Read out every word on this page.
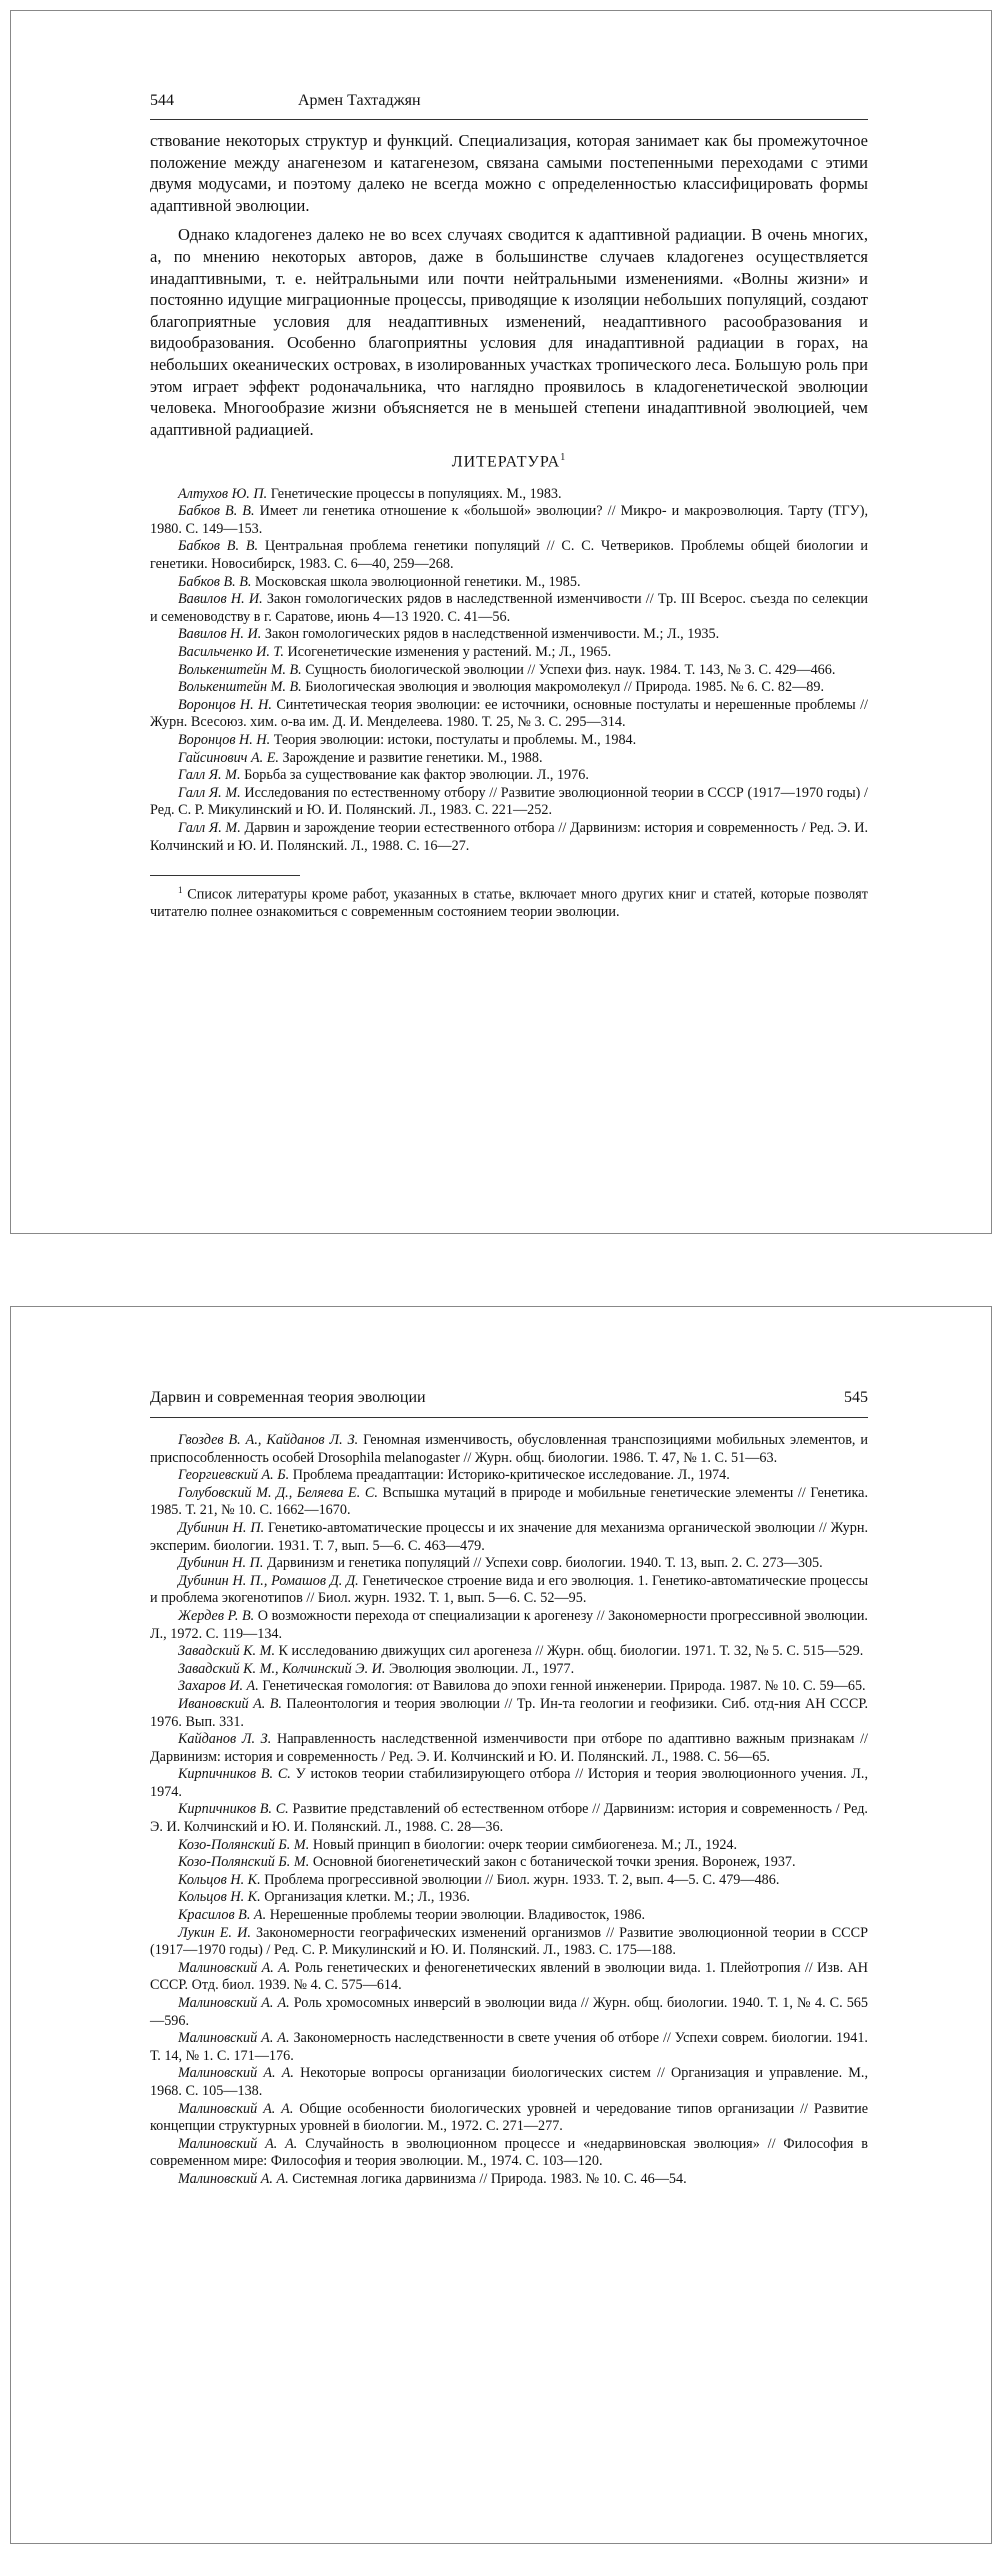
544	Армен Тахтаджян

ствование некоторых структур и функций. Специализация, которая занимает как бы промежуточное положение между анагенезом и катагенезом, связана самыми постепенными переходами с этими двумя модусами, и поэтому далеко не всегда можно с определенностью классифицировать формы адаптивной эволюции.

Однако кладогенез далеко не во всех случаях сводится к адаптивной радиации. В очень многих, а, по мнению некоторых авторов, даже в большинстве случаев кладогенез осуществляется инадаптивными, т. е. нейтральными или почти нейтральными изменениями. «Волны жизни» и постоянно идущие миграционные процессы, приводящие к изоляции небольших популяций, создают благоприятные условия для неадаптивных изменений, неадаптивного расообразования и видообразования. Особенно благоприятны условия для инадаптивной радиации в горах, на небольших океанических островах, в изолированных участках тропического леса. Большую роль при этом играет эффект родоначальника, что наглядно проявилось в кладогенетической эволюции человека. Многообразие жизни объясняется не в меньшей степени инадаптивной эволюцией, чем адаптивной радиацией.

ЛИТЕРАТУРА$^1$

Алтухов Ю. П. Генетические процессы в популяциях. М., 1983.

Бабков В. В. Имеет ли генетика отношение к «большой» эволюции? // Микро- и макроэволюция. Тарту (ТГУ), 1980. С. 149—153.

Бабков В. В. Центральная проблема генетики популяций // С. С. Четвериков. Проблемы общей биологии и генетики. Новосибирск, 1983. С. 6—40, 259—268.

Бабков В. В. Московская школа эволюционной генетики. М., 1985.

Вавилов Н. И. Закон гомологических рядов в наследственной изменчивости // Тр. III Всерос. съезда по селекции и семеноводству в г. Саратове, июнь 4—13 1920. С. 41—56.

Вавилов Н. И. Закон гомологических рядов в наследственной изменчивости. М.; Л., 1935.

Васильченко И. Т. Исогенетические изменения у растений. М.; Л., 1965.

Волькенштейн М. В. Сущность биологической эволюции // Успехи физ. наук. 1984. Т. 143, № 3. С. 429—466.

Волькенштейн М. В. Биологическая эволюция и эволюция макромолекул // Природа. 1985. № 6. С. 82—89.

Воронцов Н. Н. Синтетическая теория эволюции: ее источники, основные постулаты и нерешенные проблемы // Журн. Всесоюз. хим. о-ва им. Д. И. Менделеева. 1980. Т. 25, № 3. С. 295—314.

Воронцов Н. Н. Теория эволюции: истоки, постулаты и проблемы. М., 1984.

Гайсинович А. Е. Зарождение и развитие генетики. М., 1988.

Галл Я. М. Борьба за существование как фактор эволюции. Л., 1976.

Галл Я. М. Исследования по естественному отбору // Развитие эволюционной теории в СССР (1917—1970 годы) / Ред. С. Р. Микулинский и Ю. И. Полянский. Л., 1983. С. 221—252.

Галл Я. М. Дарвин и зарождение теории естественного отбора // Дарвинизм: история и современность / Ред. Э. И. Колчинский и Ю. И. Полянский. Л., 1988. С. 16—27.

$^1$ Список литературы кроме работ, указанных в статье, включает много других книг и статей, которые позволят читателю полнее ознакомиться с современным состоянием теории эволюции.

Дарвин и современная теория эволюции	545

Гвоздев В. А., Кайданов Л. З. Геномная изменчивость, обусловленная транспозициями мобильных элементов, и приспособленность особей Drosophila melanogaster // Журн. общ. биологии. 1986. Т. 47, № 1. С. 51—63.

Георгиевский А. Б. Проблема преадаптации: Историко-критическое исследование. Л., 1974.

Голубовский М. Д., Беляева Е. С. Вспышка мутаций в природе и мобильные генетические элементы // Генетика. 1985. Т. 21, № 10. С. 1662—1670.

Дубинин Н. П. Генетико-автоматические процессы и их значение для механизма органической эволюции // Журн. эксперим. биологии. 1931. Т. 7, вып. 5—6. С. 463—479.

Дубинин Н. П. Дарвинизм и генетика популяций // Успехи совр. биологии. 1940. Т. 13, вып. 2. С. 273—305.

Дубинин Н. П., Ромашов Д. Д. Генетическое строение вида и его эволюция. 1. Генетико-автоматические процессы и проблема экогенотипов // Биол. журн. 1932. Т. 1, вып. 5—6. С. 52—95.

Жердев Р. В. О возможности перехода от специализации к арогенезу // Закономерности прогрессивной эволюции. Л., 1972. С. 119—134.

Завадский К. М. К исследованию движущих сил арогенеза // Журн. общ. биологии. 1971. Т. 32, № 5. С. 515—529.

Завадский К. М., Колчинский Э. И. Эволюция эволюции. Л., 1977.

Захаров И. А. Генетическая гомология: от Вавилова до эпохи генной инженерии. Природа. 1987. № 10. С. 59—65.

Ивановский А. В. Палеонтология и теория эволюции // Тр. Ин-та геологии и геофизики. Сиб. отд-ния АН СССР. 1976. Вып. 331.

Кайданов Л. З. Направленность наследственной изменчивости при отборе по адаптивно важным признакам // Дарвинизм: история и современность / Ред. Э. И. Колчинский и Ю. И. Полянский. Л., 1988. С. 56—65.

Кирпичников В. С. У истоков теории стабилизирующего отбора // История и теория эволюционного учения. Л., 1974.

Кирпичников В. С. Развитие представлений об естественном отборе // Дарвинизм: история и современность / Ред. Э. И. Колчинский и Ю. И. Полянский. Л., 1988. С. 28—36.

Козо-Полянский Б. М. Новый принцип в биологии: очерк теории симбиогенеза. М.; Л., 1924.

Козо-Полянский Б. М. Основной биогенетический закон с ботанической точки зрения. Воронеж, 1937.

Кольцов Н. К. Проблема прогрессивной эволюции // Биол. журн. 1933. Т. 2, вып. 4—5. С. 479—486.

Кольцов Н. К. Организация клетки. М.; Л., 1936.

Красилов В. А. Нерешенные проблемы теории эволюции. Владивосток, 1986.

Лукин Е. И. Закономерности географических изменений организмов // Развитие эволюционной теории в СССР (1917—1970 годы) / Ред. С. Р. Микулинский и Ю. И. Полянский. Л., 1983. С. 175—188.

Малиновский А. А. Роль генетических и феногенетических явлений в эволюции вида. 1. Плейотропия // Изв. АН СССР. Отд. биол. 1939. № 4. С. 575—614.

Малиновский А. А. Роль хромосомных инверсий в эволюции вида // Журн. общ. биологии. 1940. Т. 1, № 4. С. 565—596.

Малиновский А. А. Закономерность наследственности в свете учения об отборе // Успехи соврем. биологии. 1941. Т. 14, № 1. С. 171—176.

Малиновский А. А. Некоторые вопросы организации биологических систем // Организация и управление. М., 1968. С. 105—138.

Малиновский А. А. Общие особенности биологических уровней и чередование типов организации // Развитие концепции структурных уровней в биологии. М., 1972. С. 271—277.

Малиновский А. А. Случайность в эволюционном процессе и «недарвиновская эволюция» // Философия в современном мире: Философия и теория эволюции. М., 1974. С. 103—120.

Малиновский А. А. Системная логика дарвинизма // Природа. 1983. № 10. С. 46—54.
